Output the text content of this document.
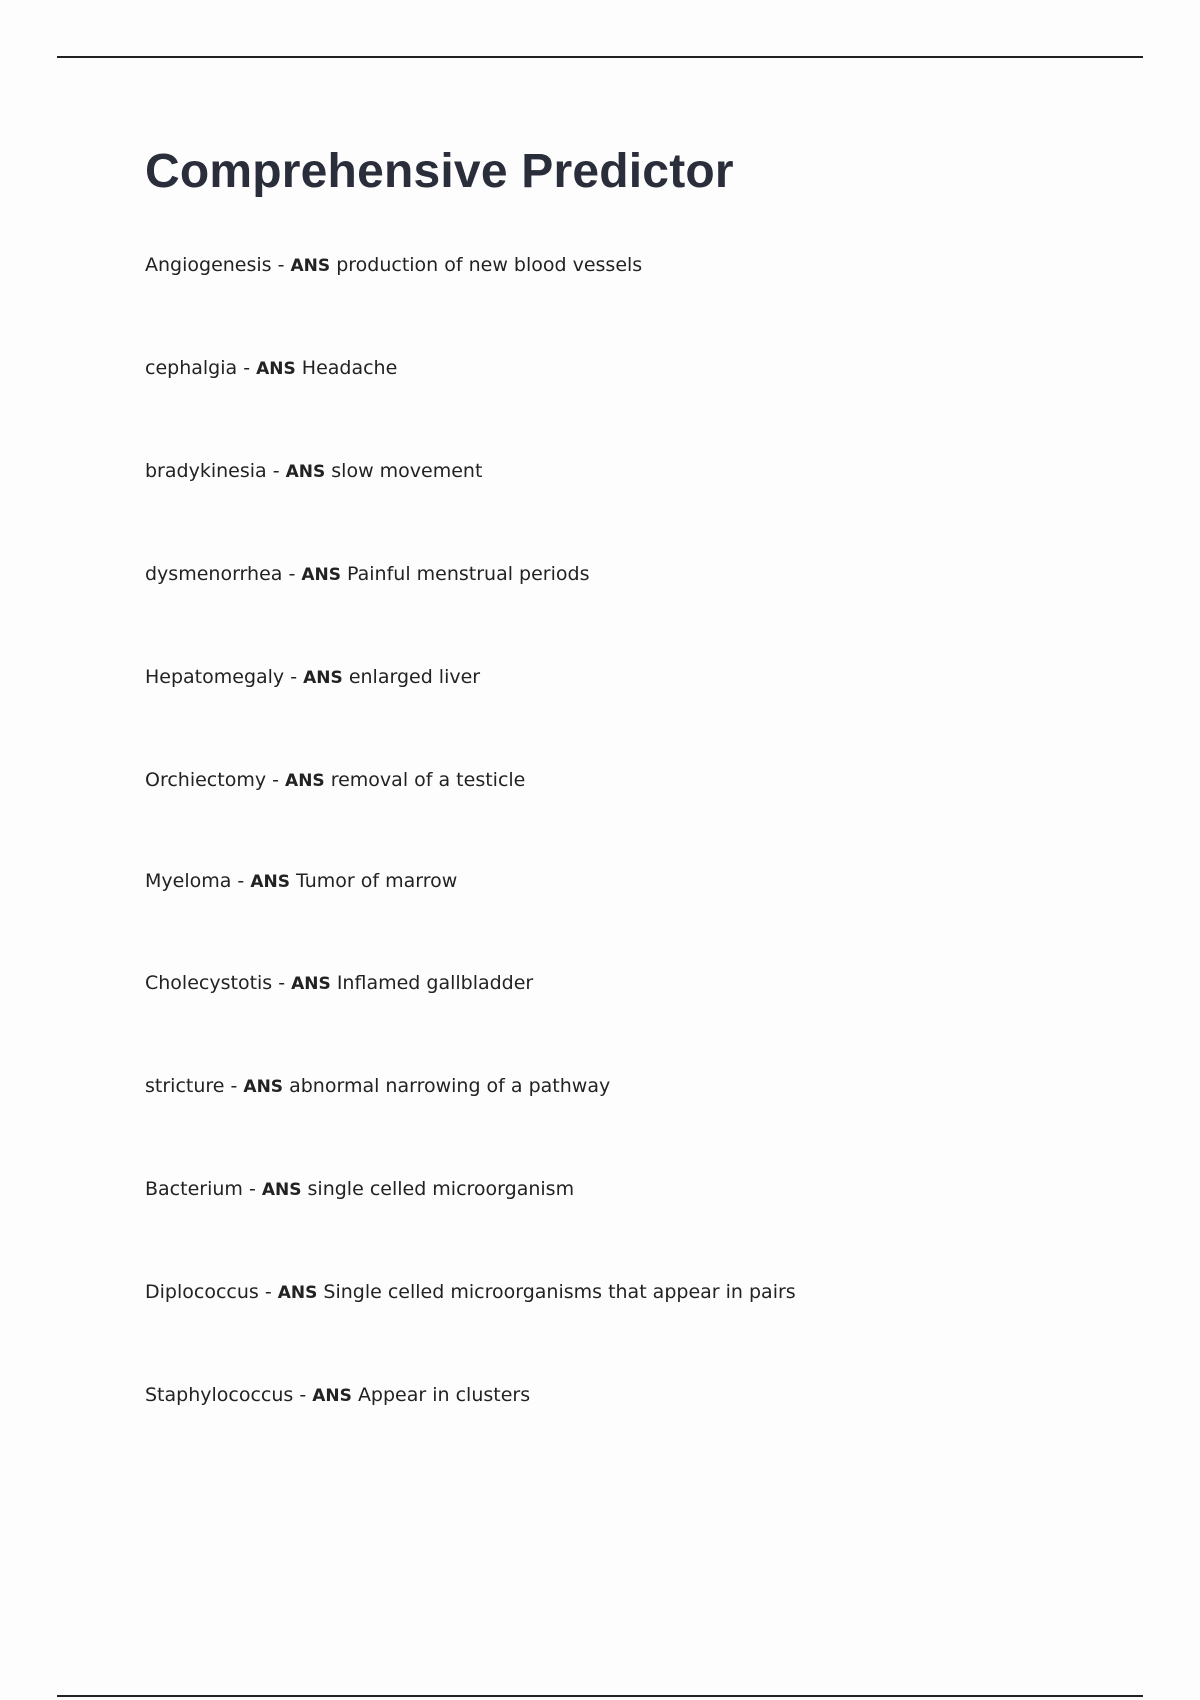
Comprehensive Predictor
Angiogenesis - ANS production of new blood vessels
cephalgia - ANS Headache
bradykinesia - ANS slow movement
dysmenorrhea - ANS Painful menstrual periods
Hepatomegaly - ANS enlarged liver
Orchiectomy - ANS removal of a testicle
Myeloma - ANS Tumor of marrow
Cholecystotis - ANS Inflamed gallbladder
stricture - ANS abnormal narrowing of a pathway
Bacterium - ANS single celled microorganism
Diplococcus - ANS Single celled microorganisms that appear in pairs
Staphylococcus - ANS Appear in clusters
